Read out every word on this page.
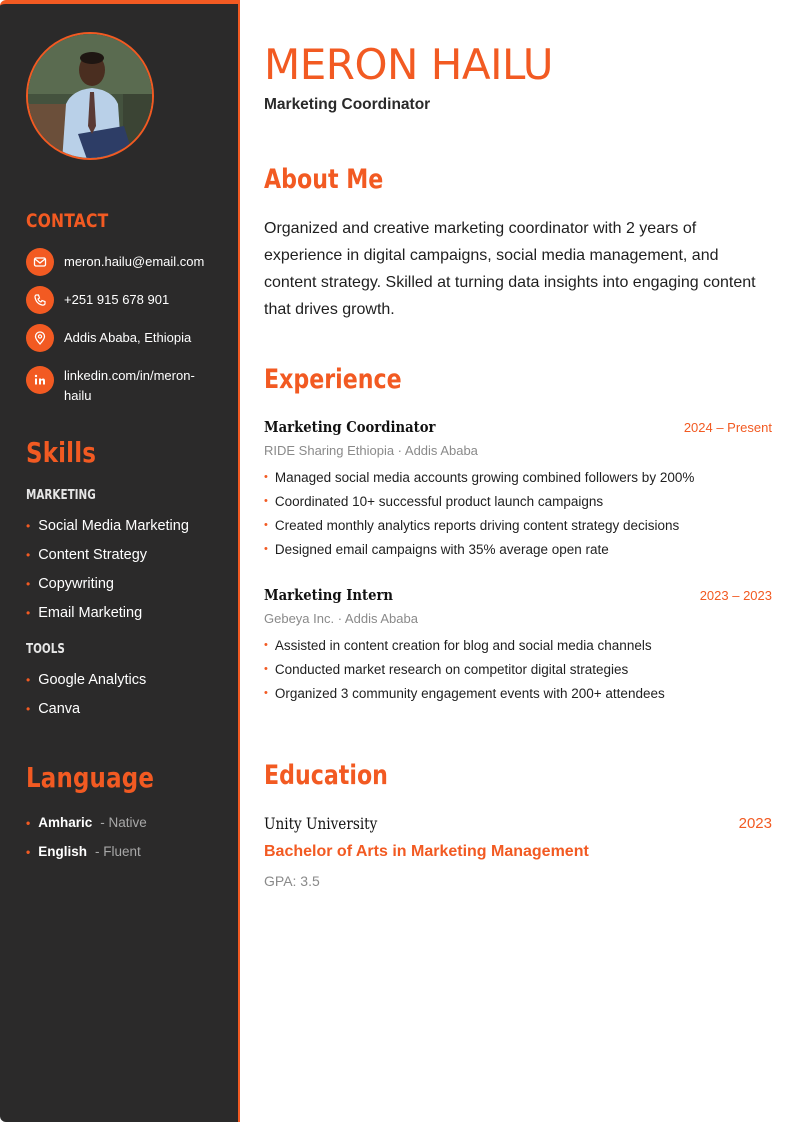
CONTACT
meron.hailu@email.com
+251 915 678 901
Addis Ababa, Ethiopia
linkedin.com/in/meron-hailu
Skills
MARKETING
• Social Media Marketing
• Content Strategy
• Copywriting
• Email Marketing
TOOLS
• Google Analytics
• Canva
Language
• Amharic - Native
• English - Fluent
MERON HAILU
Marketing Coordinator
About Me
Organized and creative marketing coordinator with 2 years of experience in digital campaigns, social media management, and content strategy. Skilled at turning data insights into engaging content that drives growth.
Experience
Marketing Coordinator	2024 – Present
RIDE Sharing Ethiopia · Addis Ababa
• Managed social media accounts growing combined followers by 200%
• Coordinated 10+ successful product launch campaigns
• Created monthly analytics reports driving content strategy decisions
• Designed email campaigns with 35% average open rate
Marketing Intern	2023 – 2023
Gebeya Inc. · Addis Ababa
• Assisted in content creation for blog and social media channels
• Conducted market research on competitor digital strategies
• Organized 3 community engagement events with 200+ attendees
Education
Unity University	2023
Bachelor of Arts in Marketing Management
GPA: 3.5
